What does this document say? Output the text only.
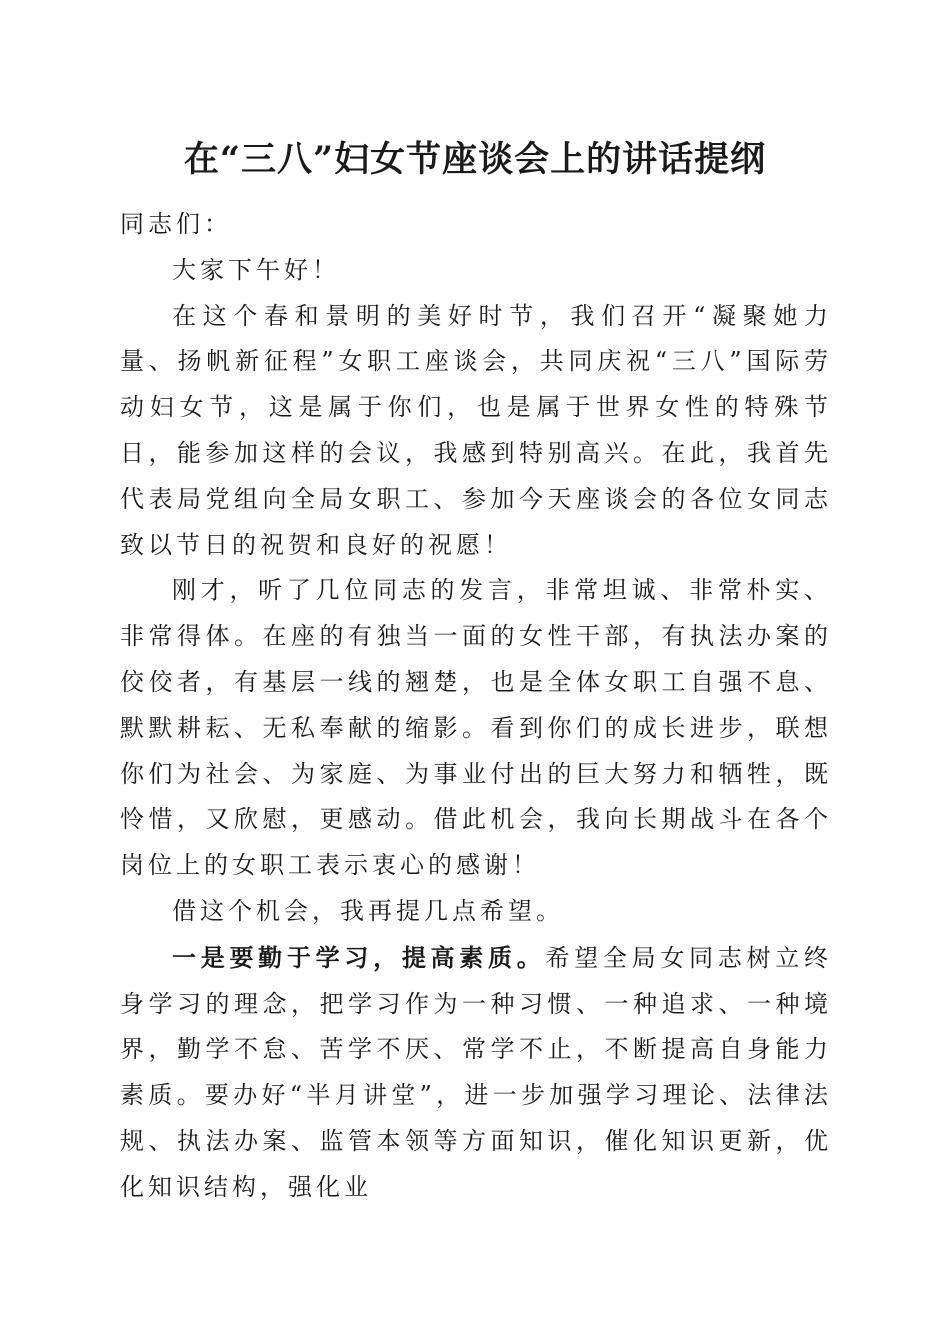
在“三八”妇女节座谈会上的讲话提纲

同志们：

大家下午好！

在这个春和景明的美好时节，我们召开“凝聚她力量、扬帆新征程”女职工座谈会，共同庆祝“三八”国际劳动妇女节，这是属于你们，也是属于世界女性的特殊节日，能参加这样的会议，我感到特别高兴。在此，我首先代表局党组向全局女职工、参加今天座谈会的各位女同志致以节日的祝贺和良好的祝愿！

刚才，听了几位同志的发言，非常坦诚、非常朴实、非常得体。在座的有独当一面的女性干部，有执法办案的佼佼者，有基层一线的翘楚，也是全体女职工自强不息、默默耕耘、无私奉献的缩影。看到你们的成长进步，联想你们为社会、为家庭、为事业付出的巨大努力和牺牲，既怜惜，又欣慰，更感动。借此机会，我向长期战斗在各个岗位上的女职工表示衷心的感谢！

借这个机会，我再提几点希望。

一是要勤于学习，提高素质。希望全局女同志树立终身学习的理念，把学习作为一种习惯、一种追求、一种境界，勤学不怠、苦学不厌、常学不止，不断提高自身能力素质。要办好“半月讲堂”，进一步加强学习理论、法律法规、执法办案、监管本领等方面知识，催化知识更新，优化知识结构，强化业
